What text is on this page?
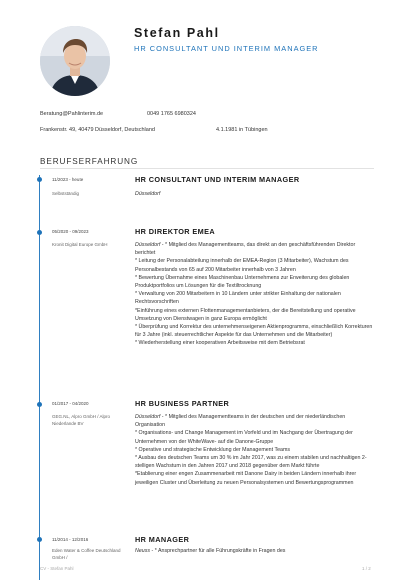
Stefan Pahl
HR CONSULTANT UND INTERIM MANAGER
Beratung@Pahlinterim.de	0049 1765 6980324
Frankenstr. 49, 40479 Düsseldorf, Deutschland	4.1.1981 in Tübingen
BERUFSERFAHRUNG
11/2023 - heute
Selbstständig
HR CONSULTANT UND INTERIM MANAGER

Düsseldorf

05/2020 - 09/2023
Kronit Digital Europe GmbH
HR DIREKTOR EMEA

Düsseldorf - * Mitglied des Managementteams, das direkt an den geschäftsführenden Direktor berichtet

* Leitung der Personalabteilung innerhalb der EMEA-Region (3 Mitarbeiter), Wachstum des Personalbestands von 65 auf 200 Mitarbeiter innerhalb von 3 Jahren

* Bewertung Übernahme eines Maschinenbau Unternehmens zur Erweiterung des globalen Produktportfolios um Lösungen für die Textiltrocknung

* Verwaltung von 200 Mitarbeitern in 10 Ländern unter strikter Einhaltung der nationalen Rechtsvorschriften

*Einführung eines externen Flottenmanagementanbieters, der die Bereitstellung und operative Umsetzung von Dienstwagen in ganz Europa ermöglicht

* Überprüfung und Korrektur des unternehmenseigenen Aktienprogramms, einschließlich Korrekturen für 3 Jahre (inkl. steuerrechtlicher Aspekte für das Unternehmen und die Mitarbeiter)

* Wiederherstellung einer kooperativen Arbeitsweise mit dem Betriebsrat

01/2017 - 04/2020
GEG.NL, Alpro GmbH / Alpro Niederlande BV
HR BUSINESS PARTNER

Düsseldorf - * Mitglied des Managementteams in der deutschen und der niederländischen Organisation

* Organisations- und Change Management im Vorfeld und im Nachgang der Übertragung der Unternehmen von der WhiteWave- auf die Danone-Gruppe

* Operative und strategische Entwicklung der Management Teams

* Ausbau des deutschen Teams um 30 % im Jahr 2017, was zu einem stabilen und nachhaltigen 2-stelligen Wachstum in den Jahren 2017 und 2018 gegenüber dem Markt führte

*Etablierung einer engen Zusammenarbeit mit Danone Dairy in beiden Ländern innerhalb ihrer jeweiligen Cluster und Überleitung zu neuen Personalsystemen und Bewertungsprogrammen

11/2014 - 12/2016
Eden Water & Coffee Deutschland GmbH /
HR MANAGER

Neuss - * Ansprechpartner für alle Führungskräfte in Fragen des

CV - Stefan Pahl	1 / 2
